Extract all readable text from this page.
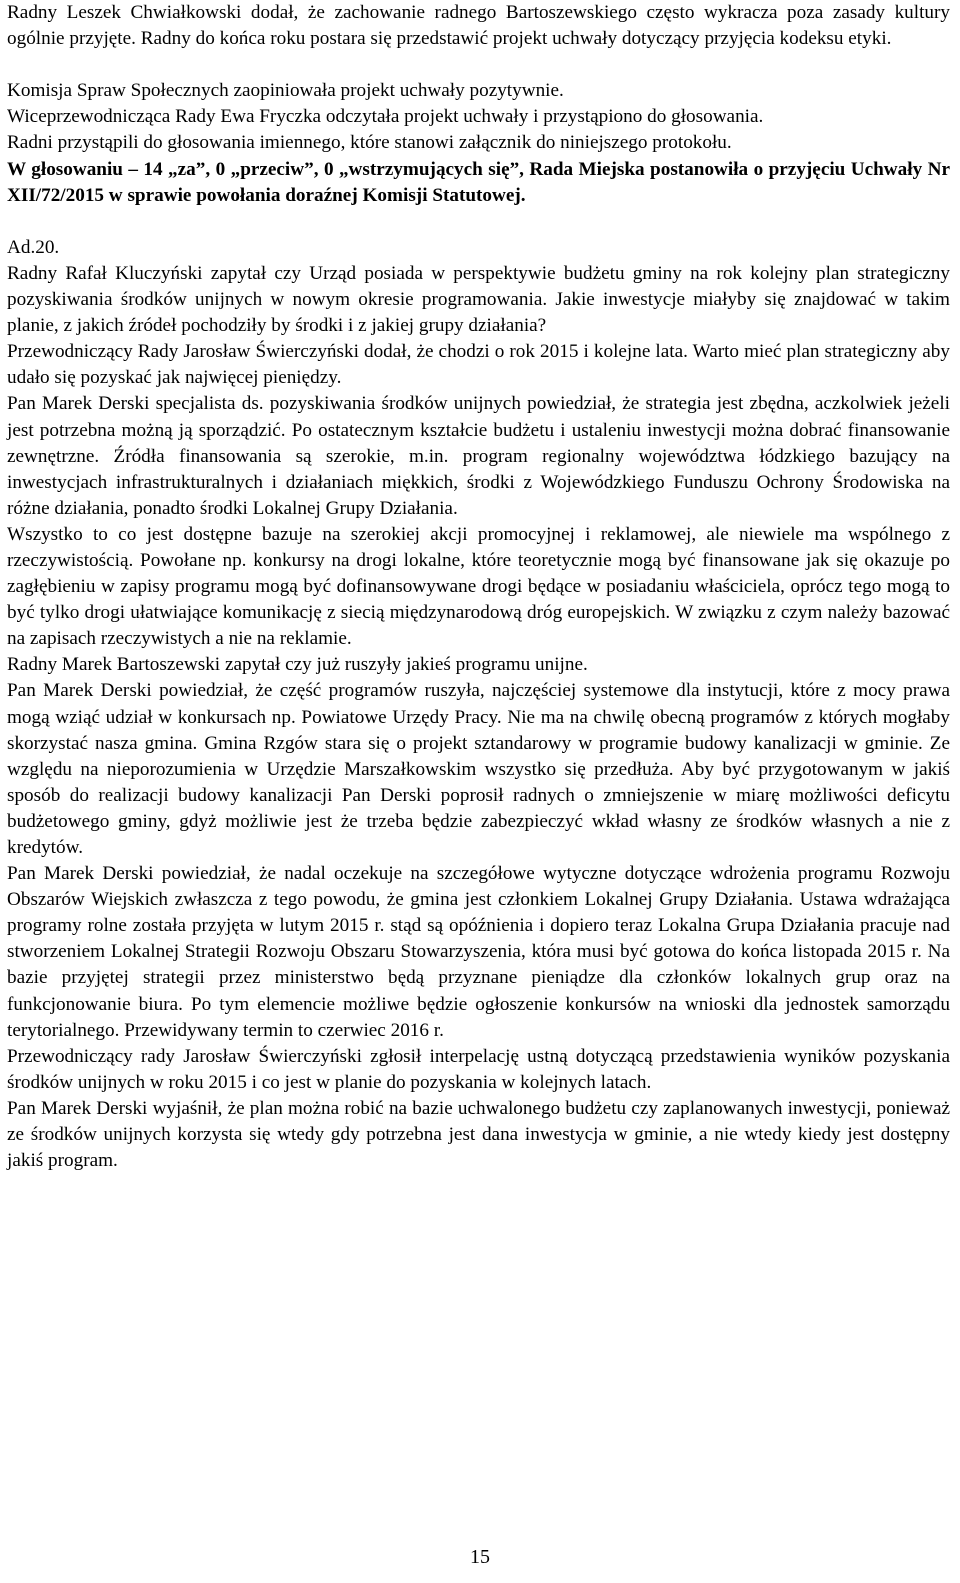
Radny Leszek Chwiałkowski dodał, że zachowanie radnego Bartoszewskiego często wykracza poza zasady kultury ogólnie przyjęte. Radny do końca roku postara się przedstawić projekt uchwały dotyczący przyjęcia kodeksu etyki.

Komisja Spraw Społecznych zaopiniowała projekt uchwały pozytywnie.

Wiceprzewodnicząca Rady Ewa Fryczka odczytała projekt uchwały i przystąpiono do głosowania.

Radni przystąpili do głosowania imiennego, które stanowi załącznik do niniejszego protokołu.

W głosowaniu – 14 „za”, 0 „przeciw”, 0 „wstrzymujących się”, Rada Miejska postanowiła o przyjęciu Uchwały Nr XII/72/2015 w sprawie powołania doraźnej Komisji Statutowej.

Ad.20.

Radny Rafał Kluczyński zapytał czy Urząd posiada w perspektywie budżetu gminy na rok kolejny plan strategiczny pozyskiwania środków unijnych w nowym okresie programowania. Jakie inwestycje miałyby się znajdować w takim planie, z jakich źródeł pochodziły by środki i z jakiej grupy działania?

Przewodniczący Rady Jarosław Świerczyński dodał, że chodzi o rok 2015 i kolejne lata. Warto mieć plan strategiczny aby udało się pozyskać jak najwięcej pieniędzy.

Pan Marek Derski specjalista ds. pozyskiwania środków unijnych powiedział, że strategia jest zbędna, aczkolwiek jeżeli jest potrzebna możną ją sporządzić. Po ostatecznym kształcie budżetu i ustaleniu inwestycji można dobrać finansowanie zewnętrzne. Źródła finansowania są szerokie, m.in. program regionalny województwa łódzkiego bazujący na inwestycjach infrastrukturalnych i działaniach miękkich, środki z Wojewódzkiego Funduszu Ochrony Środowiska na różne działania, ponadto środki Lokalnej Grupy Działania.

Wszystko to co jest dostępne bazuje na szerokiej akcji promocyjnej i reklamowej, ale niewiele ma wspólnego z rzeczywistością. Powołane np. konkursy na drogi lokalne, które teoretycznie mogą być finansowane jak się okazuje po zagłębieniu w zapisy programu mogą być dofinansowywane drogi będące w posiadaniu właściciela, oprócz tego mogą to być tylko drogi ułatwiające komunikację z siecią międzynarodową dróg europejskich. W związku z czym należy bazować na zapisach rzeczywistych a nie na reklamie.

Radny Marek Bartoszewski zapytał czy już ruszyły jakieś programu unijne.

Pan Marek Derski powiedział, że część programów ruszyła, najczęściej systemowe dla instytucji, które z mocy prawa mogą wziąć udział w konkursach np. Powiatowe Urzędy Pracy. Nie ma na chwilę obecną programów z których mogłaby skorzystać nasza gmina. Gmina Rzgów stara się o projekt sztandarowy w programie budowy kanalizacji w gminie. Ze względu na nieporozumienia w Urzędzie Marszałkowskim wszystko się przedłuża. Aby być przygotowanym w jakiś sposób do realizacji budowy kanalizacji Pan Derski poprosił radnych o zmniejszenie w miarę możliwości deficytu budżetowego gminy, gdyż możliwie jest że trzeba będzie zabezpieczyć wkład własny ze środków własnych a nie z kredytów.

Pan Marek Derski powiedział, że nadal oczekuje na szczegółowe wytyczne dotyczące wdrożenia programu Rozwoju Obszarów Wiejskich zwłaszcza z tego powodu, że gmina jest członkiem Lokalnej Grupy Działania. Ustawa wdrażająca programy rolne została przyjęta w lutym 2015 r. stąd są opóźnienia i dopiero teraz Lokalna Grupa Działania pracuje nad stworzeniem Lokalnej Strategii Rozwoju Obszaru Stowarzyszenia, która musi być gotowa do końca listopada 2015 r. Na bazie przyjętej strategii przez ministerstwo będą przyznane pieniądze dla członków lokalnych grup oraz na funkcjonowanie biura. Po tym elemencie możliwe będzie ogłoszenie konkursów na wnioski dla jednostek samorządu terytorialnego. Przewidywany termin to czerwiec 2016 r.

Przewodniczący rady Jarosław Świerczyński zgłosił interpelację ustną dotyczącą przedstawienia wyników pozyskania środków unijnych w roku 2015 i co jest w planie do pozyskania w kolejnych latach.

Pan Marek Derski wyjaśnił, że plan można robić na bazie uchwalonego budżetu czy zaplanowanych inwestycji, ponieważ ze środków unijnych korzysta się wtedy gdy potrzebna jest dana inwestycja w gminie, a nie wtedy kiedy jest dostępny jakiś program.

15
